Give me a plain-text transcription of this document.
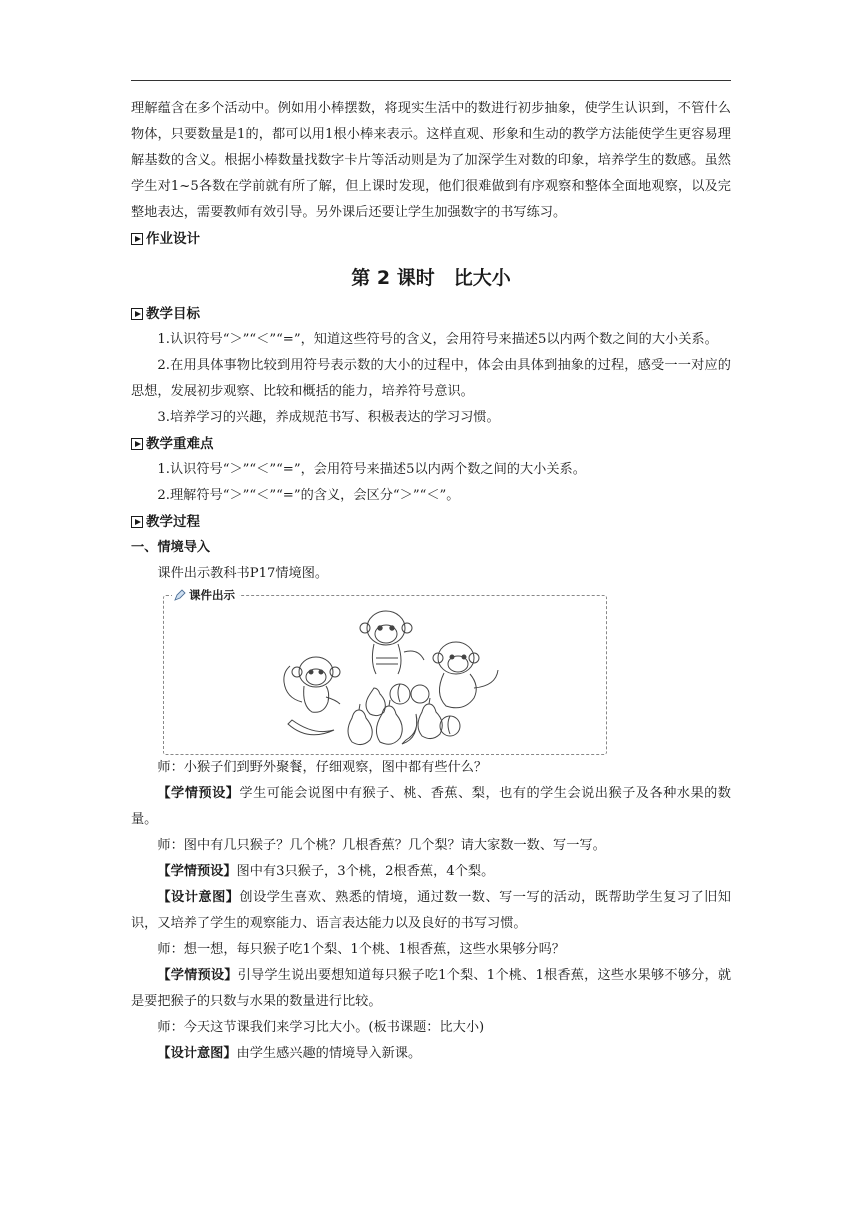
理解蕴含在多个活动中。例如用小棒摆数，将现实生活中的数进行初步抽象，使学生认识到，不管什么物体，只要数量是1的，都可以用1根小棒来表示。这样直观、形象和生动的教学方法能使学生更容易理解基数的含义。根据小棒数量找数字卡片等活动则是为了加深学生对数的印象，培养学生的数感。虽然学生对1~5各数在学前就有所了解，但上课时发现，他们很难做到有序观察和整体全面地观察，以及完整地表达，需要教师有效引导。另外课后还要让学生加强数字的书写练习。

作业设计
第 2 课时　比大小
教学目标

1.认识符号“＞”“＜”“=”，知道这些符号的含义，会用符号来描述5以内两个数之间的大小关系。

2.在用具体事物比较到用符号表示数的大小的过程中，体会由具体到抽象的过程，感受一一对应的思想，发展初步观察、比较和概括的能力，培养符号意识。

3.培养学习的兴趣，养成规范书写、积极表达的学习习惯。

教学重难点

1.认识符号“＞”“＜”“=”，会用符号来描述5以内两个数之间的大小关系。

2.理解符号“＞”“＜”“=”的含义，会区分“＞”“＜”。

教学过程

一、情境导入

课件出示教科书P17情境图。

课件出示

师：小猴子们到野外聚餐，仔细观察，图中都有些什么？

【学情预设】学生可能会说图中有猴子、桃、香蕉、梨，也有的学生会说出猴子及各种水果的数量。

师：图中有几只猴子？几个桃？几根香蕉？几个梨？请大家数一数、写一写。

【学情预设】图中有3只猴子，3个桃，2根香蕉，4个梨。

【设计意图】创设学生喜欢、熟悉的情境，通过数一数、写一写的活动，既帮助学生复习了旧知识，又培养了学生的观察能力、语言表达能力以及良好的书写习惯。

师：想一想，每只猴子吃1个梨、1个桃、1根香蕉，这些水果够分吗？

【学情预设】引导学生说出要想知道每只猴子吃1个梨、1个桃、1根香蕉，这些水果够不够分，就是要把猴子的只数与水果的数量进行比较。

师：今天这节课我们来学习比大小。(板书课题：比大小)

【设计意图】由学生感兴趣的情境导入新课。
